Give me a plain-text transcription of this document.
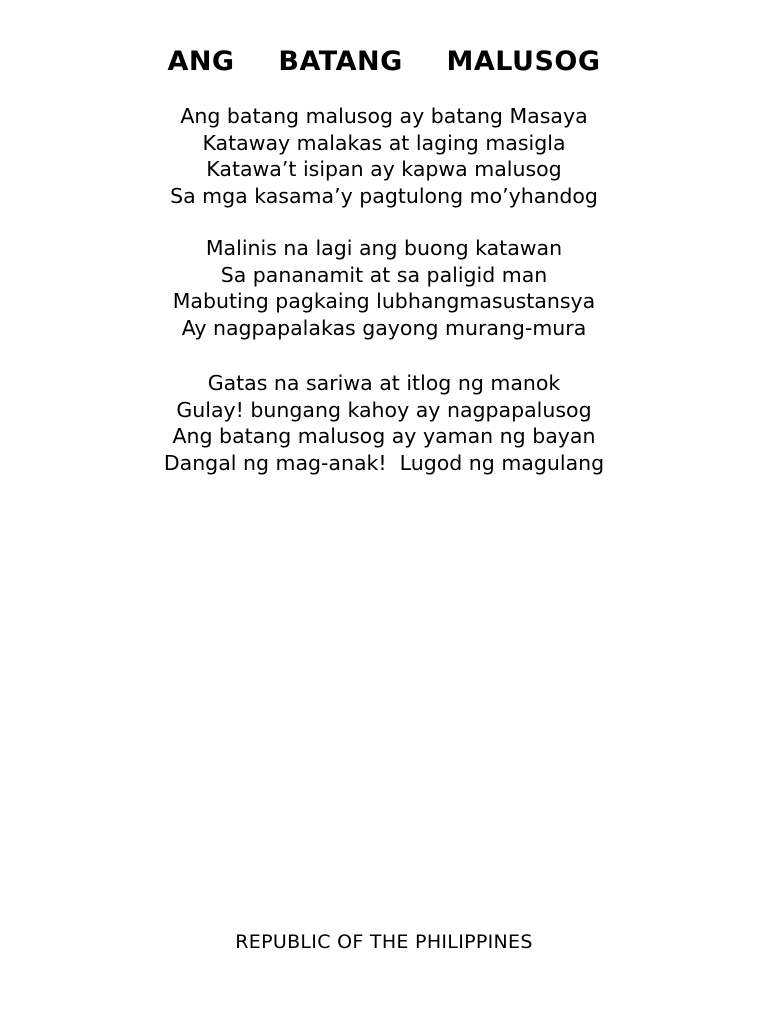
ANG  BATANG  MALUSOG
Ang batang malusog ay batang Masaya
Kataway malakas at laging masigla
Katawa’t isipan ay kapwa malusog
Sa mga kasama’y pagtulong mo’yhandog
Malinis na lagi ang buong katawan
Sa pananamit at sa paligid man
Mabuting pagkaing lubhangmasustansya
Ay nagpapalakas gayong murang-mura
Gatas na sariwa at itlog ng manok
Gulay! bungang kahoy ay nagpapalusog
Ang batang malusog ay yaman ng bayan
Dangal ng mag-anak!  Lugod ng magulang
REPUBLIC OF THE PHILIPPINES
